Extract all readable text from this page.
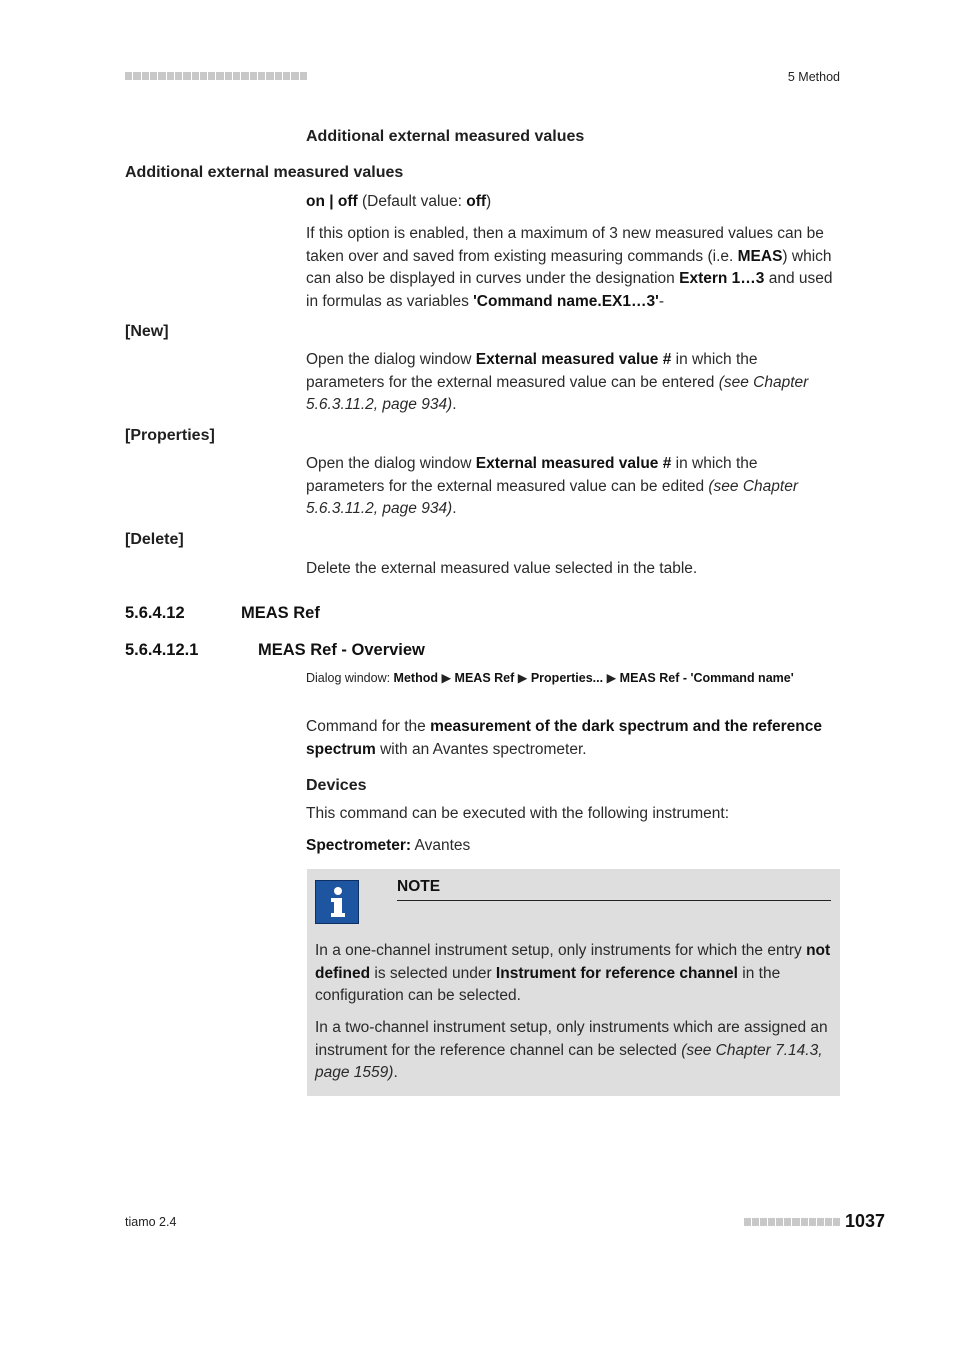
5 Method
Additional external measured values
Additional external measured values
on | off (Default value: off)
If this option is enabled, then a maximum of 3 new measured values can be taken over and saved from existing measuring commands (i.e. MEAS) which can also be displayed in curves under the designation Extern 1…3 and used in formulas as variables 'Command name.EX1…3'-
[New]
Open the dialog window External measured value # in which the parameters for the external measured value can be entered (see Chapter 5.6.3.11.2, page 934).
[Properties]
Open the dialog window External measured value # in which the parameters for the external measured value can be edited (see Chapter 5.6.3.11.2, page 934).
[Delete]
Delete the external measured value selected in the table.
5.6.4.12	MEAS Ref
5.6.4.12.1	MEAS Ref - Overview
Dialog window: Method ▶ MEAS Ref ▶ Properties... ▶ MEAS Ref - 'Command name'
Command for the measurement of the dark spectrum and the reference spectrum with an Avantes spectrometer.
Devices
This command can be executed with the following instrument:
Spectrometer: Avantes
NOTE
In a one-channel instrument setup, only instruments for which the entry not defined is selected under Instrument for reference channel in the configuration can be selected.
In a two-channel instrument setup, only instruments which are assigned an instrument for the reference channel can be selected (see Chapter 7.14.3, page 1559).
tiamo 2.4	1037
